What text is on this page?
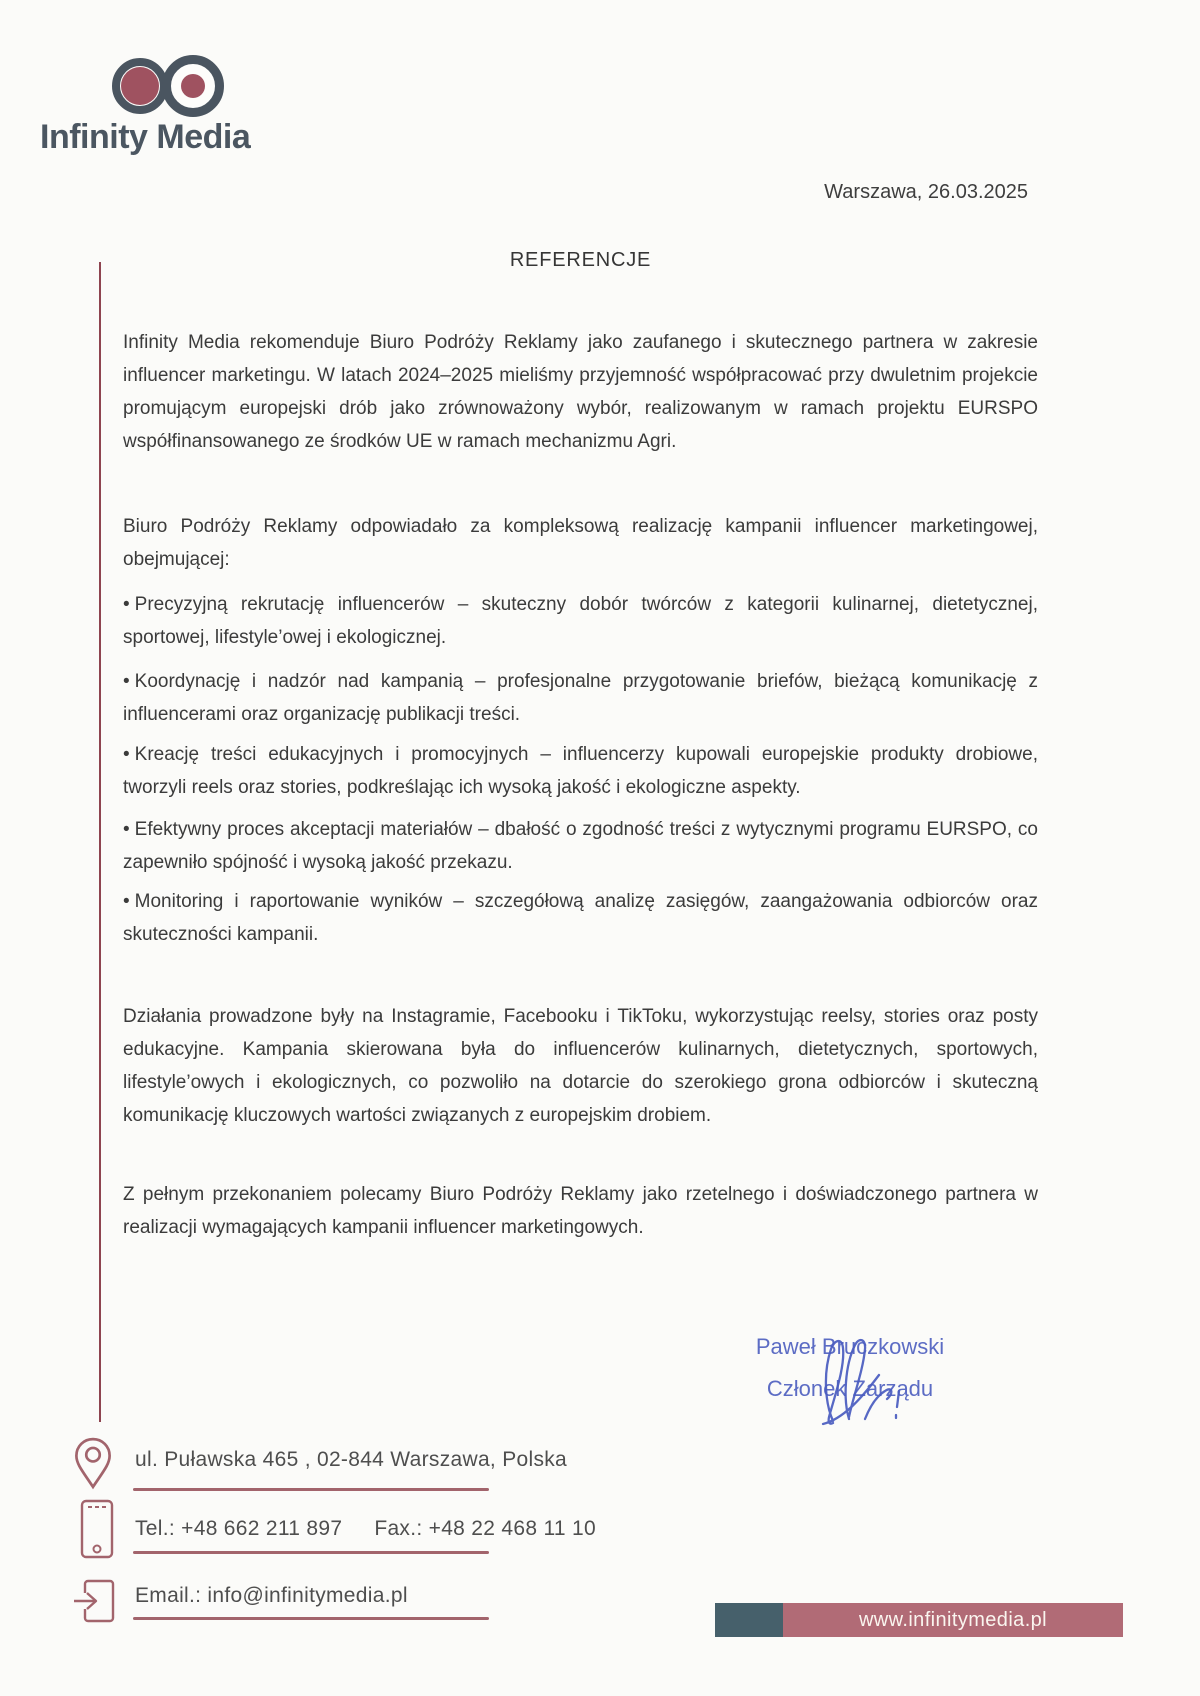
Infinity Media
Warszawa, 26.03.2025
REFERENCJE

Infinity Media rekomenduje Biuro Podróży Reklamy jako zaufanego i skutecznego partnera w zakresie influencer marketingu. W latach 2024–2025 mieliśmy przyjemność współpracować przy dwuletnim projekcie promującym europejski drób jako zrównoważony wybór, realizowanym w ramach projektu EURSPO współfinansowanego ze środków UE w ramach mechanizmu Agri.

Biuro Podróży Reklamy odpowiadało za kompleksową realizację kampanii influencer marketingowej, obejmującej:

• Precyzyjną rekrutację influencerów – skuteczny dobór twórców z kategorii kulinarnej, dietetycznej, sportowej, lifestyle’owej i ekologicznej.

• Koordynację i nadzór nad kampanią – profesjonalne przygotowanie briefów, bieżącą komunikację z influencerami oraz organizację publikacji treści.

• Kreację treści edukacyjnych i promocyjnych – influencerzy kupowali europejskie produkty drobiowe, tworzyli reels oraz stories, podkreślając ich wysoką jakość i ekologiczne aspekty.

• Efektywny proces akceptacji materiałów – dbałość o zgodność treści z wytycznymi programu EURSPO, co zapewniło spójność i wysoką jakość przekazu.

• Monitoring i raportowanie wyników – szczegółową analizę zasięgów, zaangażowania odbiorców oraz skuteczności kampanii.

Działania prowadzone były na Instagramie, Facebooku i TikToku, wykorzystując reelsy, stories oraz posty edukacyjne. Kampania skierowana była do influencerów kulinarnych, dietetycznych, sportowych, lifestyle’owych i ekologicznych, co pozwoliło na dotarcie do szerokiego grona odbiorców i skuteczną komunikację kluczowych wartości związanych z europejskim drobiem.

Z pełnym przekonaniem polecamy Biuro Podróży Reklamy jako rzetelnego i doświadczonego partnera w realizacji wymagających kampanii influencer marketingowych.

Paweł Bruczkowski
Członek Zarządu
ul. Puławska 465 , 02-844 Warszawa, Polska
Tel.: +48 662 211 897 Fax.: +48 22 468 11 10
Email.: info@infinitymedia.pl
www.infinitymedia.pl
